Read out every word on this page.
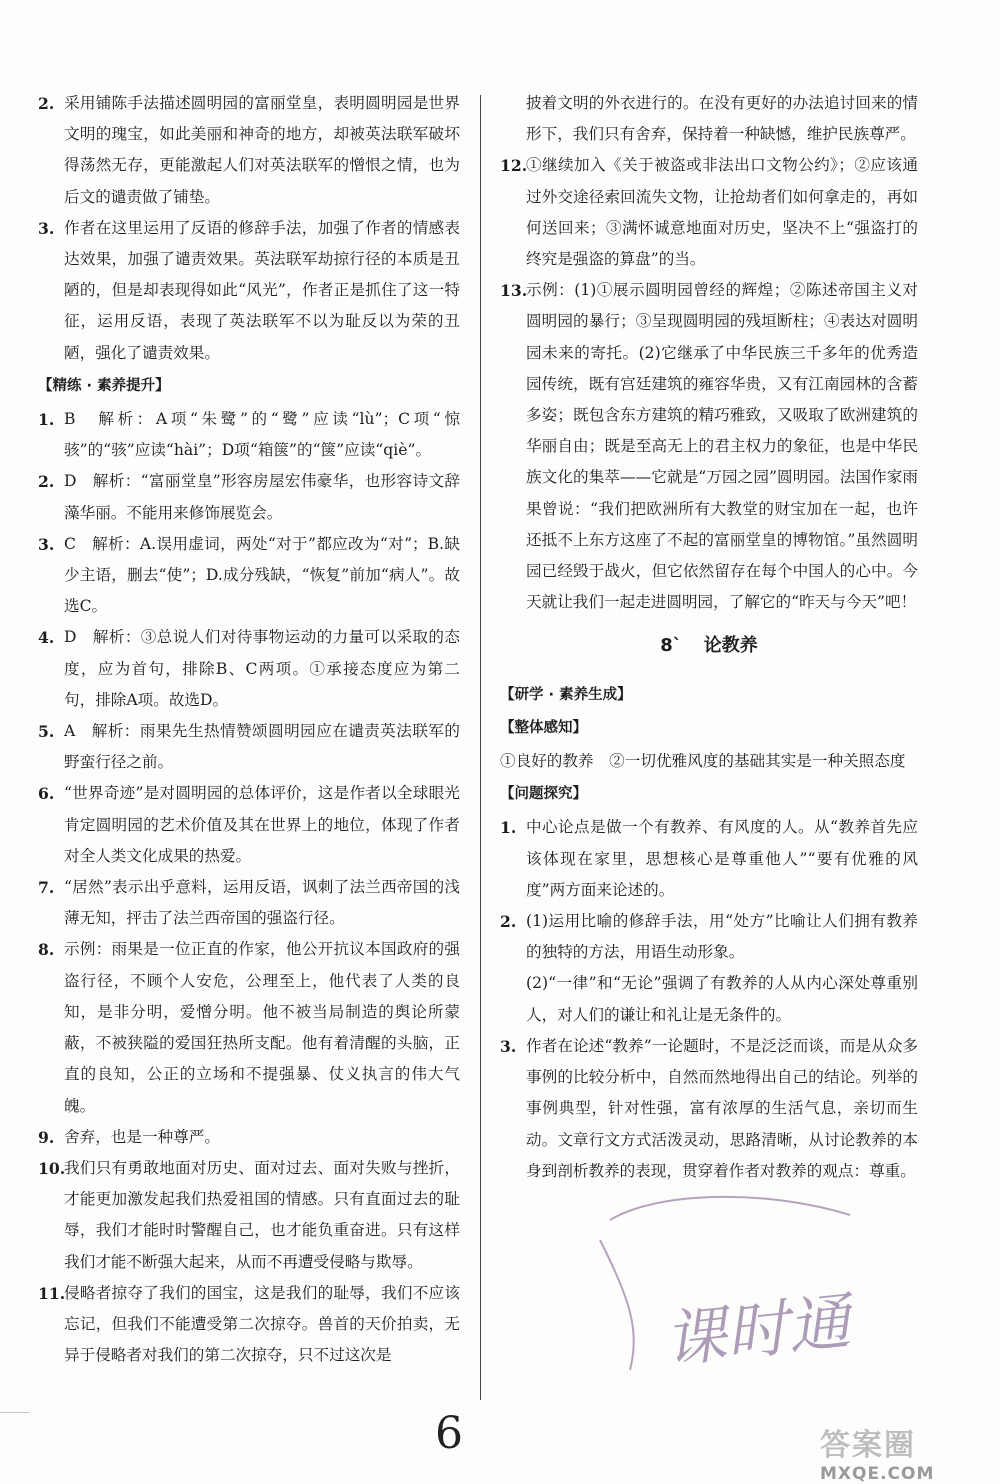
2. 采用铺陈手法描述圆明园的富丽堂皇，表明圆明园是世界文明的瑰宝，如此美丽和神奇的地方，却被英法联军破坏得荡然无存，更能激起人们对英法联军的憎恨之情，也为后文的谴责做了铺垫。
3. 作者在这里运用了反语的修辞手法，加强了作者的情感表达效果，加强了谴责效果。英法联军劫掠行径的本质是丑陋的，但是却表现得如此“风光”，作者正是抓住了这一特征，运用反语，表现了英法联军不以为耻反以为荣的丑陋，强化了谴责效果。
【精练 · 素养提升】
1. B　解析：A项“朱鹭”的“鹭”应读“lù”；C项“惊骇”的“骇”应读“hài”；D项“箱箧”的“箧”应读“qiè”。
2. D　解析：“富丽堂皇”形容房屋宏伟豪华，也形容诗文辞藻华丽。不能用来修饰展览会。
3. C　解析：A.误用虚词，两处“对于”都应改为“对”；B.缺少主语，删去“使”；D.成分残缺，“恢复”前加“病人”。故选C。
4. D　解析：③总说人们对待事物运动的力量可以采取的态度，应为首句，排除B、C两项。①承接态度应为第二句，排除A项。故选D。
5. A　解析：雨果先生热情赞颂圆明园应在谴责英法联军的野蛮行径之前。
6. “世界奇迹”是对圆明园的总体评价，这是作者以全球眼光肯定圆明园的艺术价值及其在世界上的地位，体现了作者对全人类文化成果的热爱。
7. “居然”表示出乎意料，运用反语，讽刺了法兰西帝国的浅薄无知，抨击了法兰西帝国的强盗行径。
8. 示例：雨果是一位正直的作家，他公开抗议本国政府的强盗行径，不顾个人安危，公理至上，他代表了人类的良知，是非分明，爱憎分明。他不被当局制造的舆论所蒙蔽，不被狭隘的爱国狂热所支配。他有着清醒的头脑，正直的良知，公正的立场和不提强暴、仗义执言的伟大气魄。
9. 舍弃，也是一种尊严。
10.
我们只有勇敢地面对历史、面对过去、面对失败与挫折，才能更加激发起我们热爱祖国的情感。只有直面过去的耻辱，我们才能时时警醒自己，也才能负重奋进。只有这样我们才能不断强大起来，从而不再遭受侵略与欺辱。
11.
侵略者掠夺了我们的国宝，这是我们的耻辱，我们不应该忘记，但我们不能遭受第二次掠夺。兽首的天价拍卖，无异于侵略者对我们的第二次掠夺，只不过这次是
披着文明的外衣进行的。在没有更好的办法追讨回来的情形下，我们只有舍弃，保持着一种缺憾，维护民族尊严。
12.
①继续加入《关于被盗或非法出口文物公约》；②应该通过外交途径索回流失文物，让抢劫者们如何拿走的，再如何送回来；③满怀诚意地面对历史，坚决不上“强盗打的终究是强盗的算盘”的当。
13.
示例：(1)①展示圆明园曾经的辉煌；②陈述帝国主义对圆明园的暴行；③呈现圆明园的残垣断柱；④表达对圆明园未来的寄托。(2)它继承了中华民族三千多年的优秀造园传统，既有宫廷建筑的雍容华贵，又有江南园林的含蓄多姿；既包含东方建筑的精巧雅致，又吸取了欧洲建筑的华丽自由；既是至高无上的君主权力的象征，也是中华民族文化的集萃——它就是“万园之园”圆明园。法国作家雨果曾说：“我们把欧洲所有大教堂的财宝加在一起，也许还抵不上东方这座了不起的富丽堂皇的博物馆。”虽然圆明园已经毁于战火，但它依然留存在每个中国人的心中。今天就让我们一起走进圆明园，了解它的“昨天与今天”吧！
8` 论教养
【研学 · 素养生成】
【整体感知】
①良好的教养　②一切优雅风度的基础其实是一种关照态度
【问题探究】
1. 中心论点是做一个有教养、有风度的人。从“教养首先应该体现在家里，思想核心是尊重他人”“要有优雅的风度”两方面来论述的。
2. (1)运用比喻的修辞手法，用“处方”比喻让人们拥有教养的独特的方法，用语生动形象。
(2)“一律”和“无论”强调了有教养的人从内心深处尊重别人，对人们的谦让和礼让是无条件的。
3. 作者在论述“教养”一论题时，不是泛泛而谈，而是从众多事例的比较分析中，自然而然地得出自己的结论。列举的事例典型，针对性强，富有浓厚的生活气息，亲切而生动。文章行文方式活泼灵动，思路清晰，从讨论教养的本身到剖析教养的表现，贯穿着作者对教养的观点：尊重。
课时通
6	答案圈
MXQE.COM
